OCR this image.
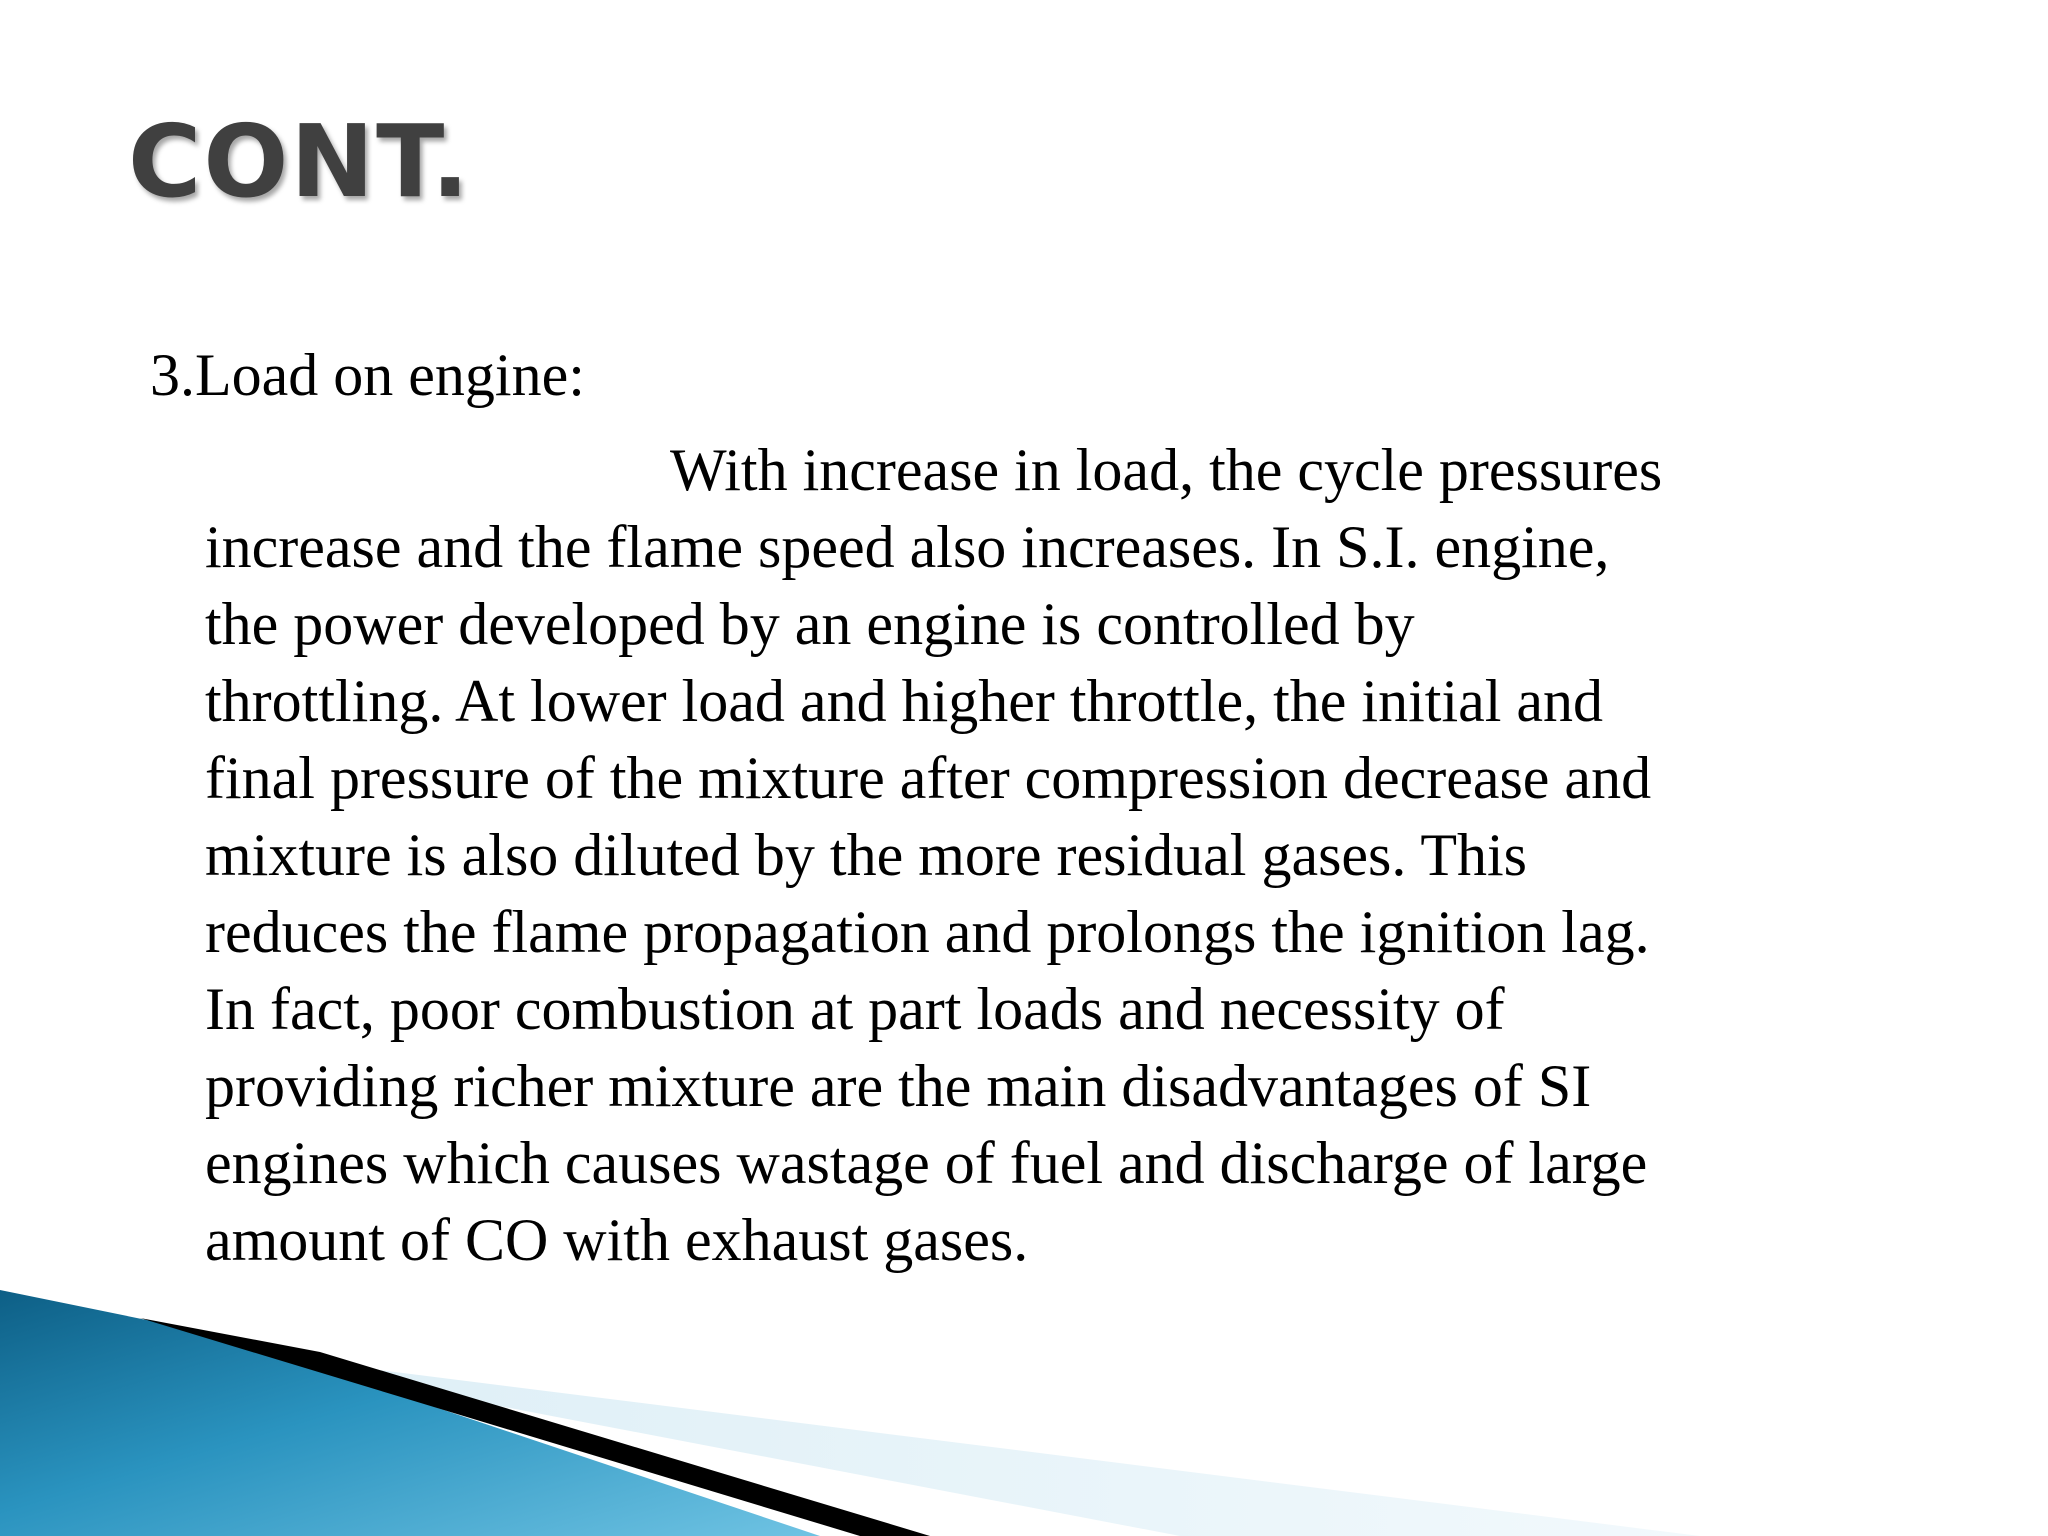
CONT.

3.Load on engine:

With increase in load, the cycle pressures
increase and the flame speed also increases. In S.I. engine,
the power developed by an engine is controlled by
throttling. At lower load and higher throttle, the initial and
final pressure of the mixture after compression decrease and
mixture is also diluted by the more residual gases. This
reduces the flame propagation and prolongs the ignition lag.
In fact, poor combustion at part loads and necessity of
providing richer mixture are the main disadvantages of SI
engines which causes wastage of fuel and discharge of large
amount of CO with exhaust gases.
